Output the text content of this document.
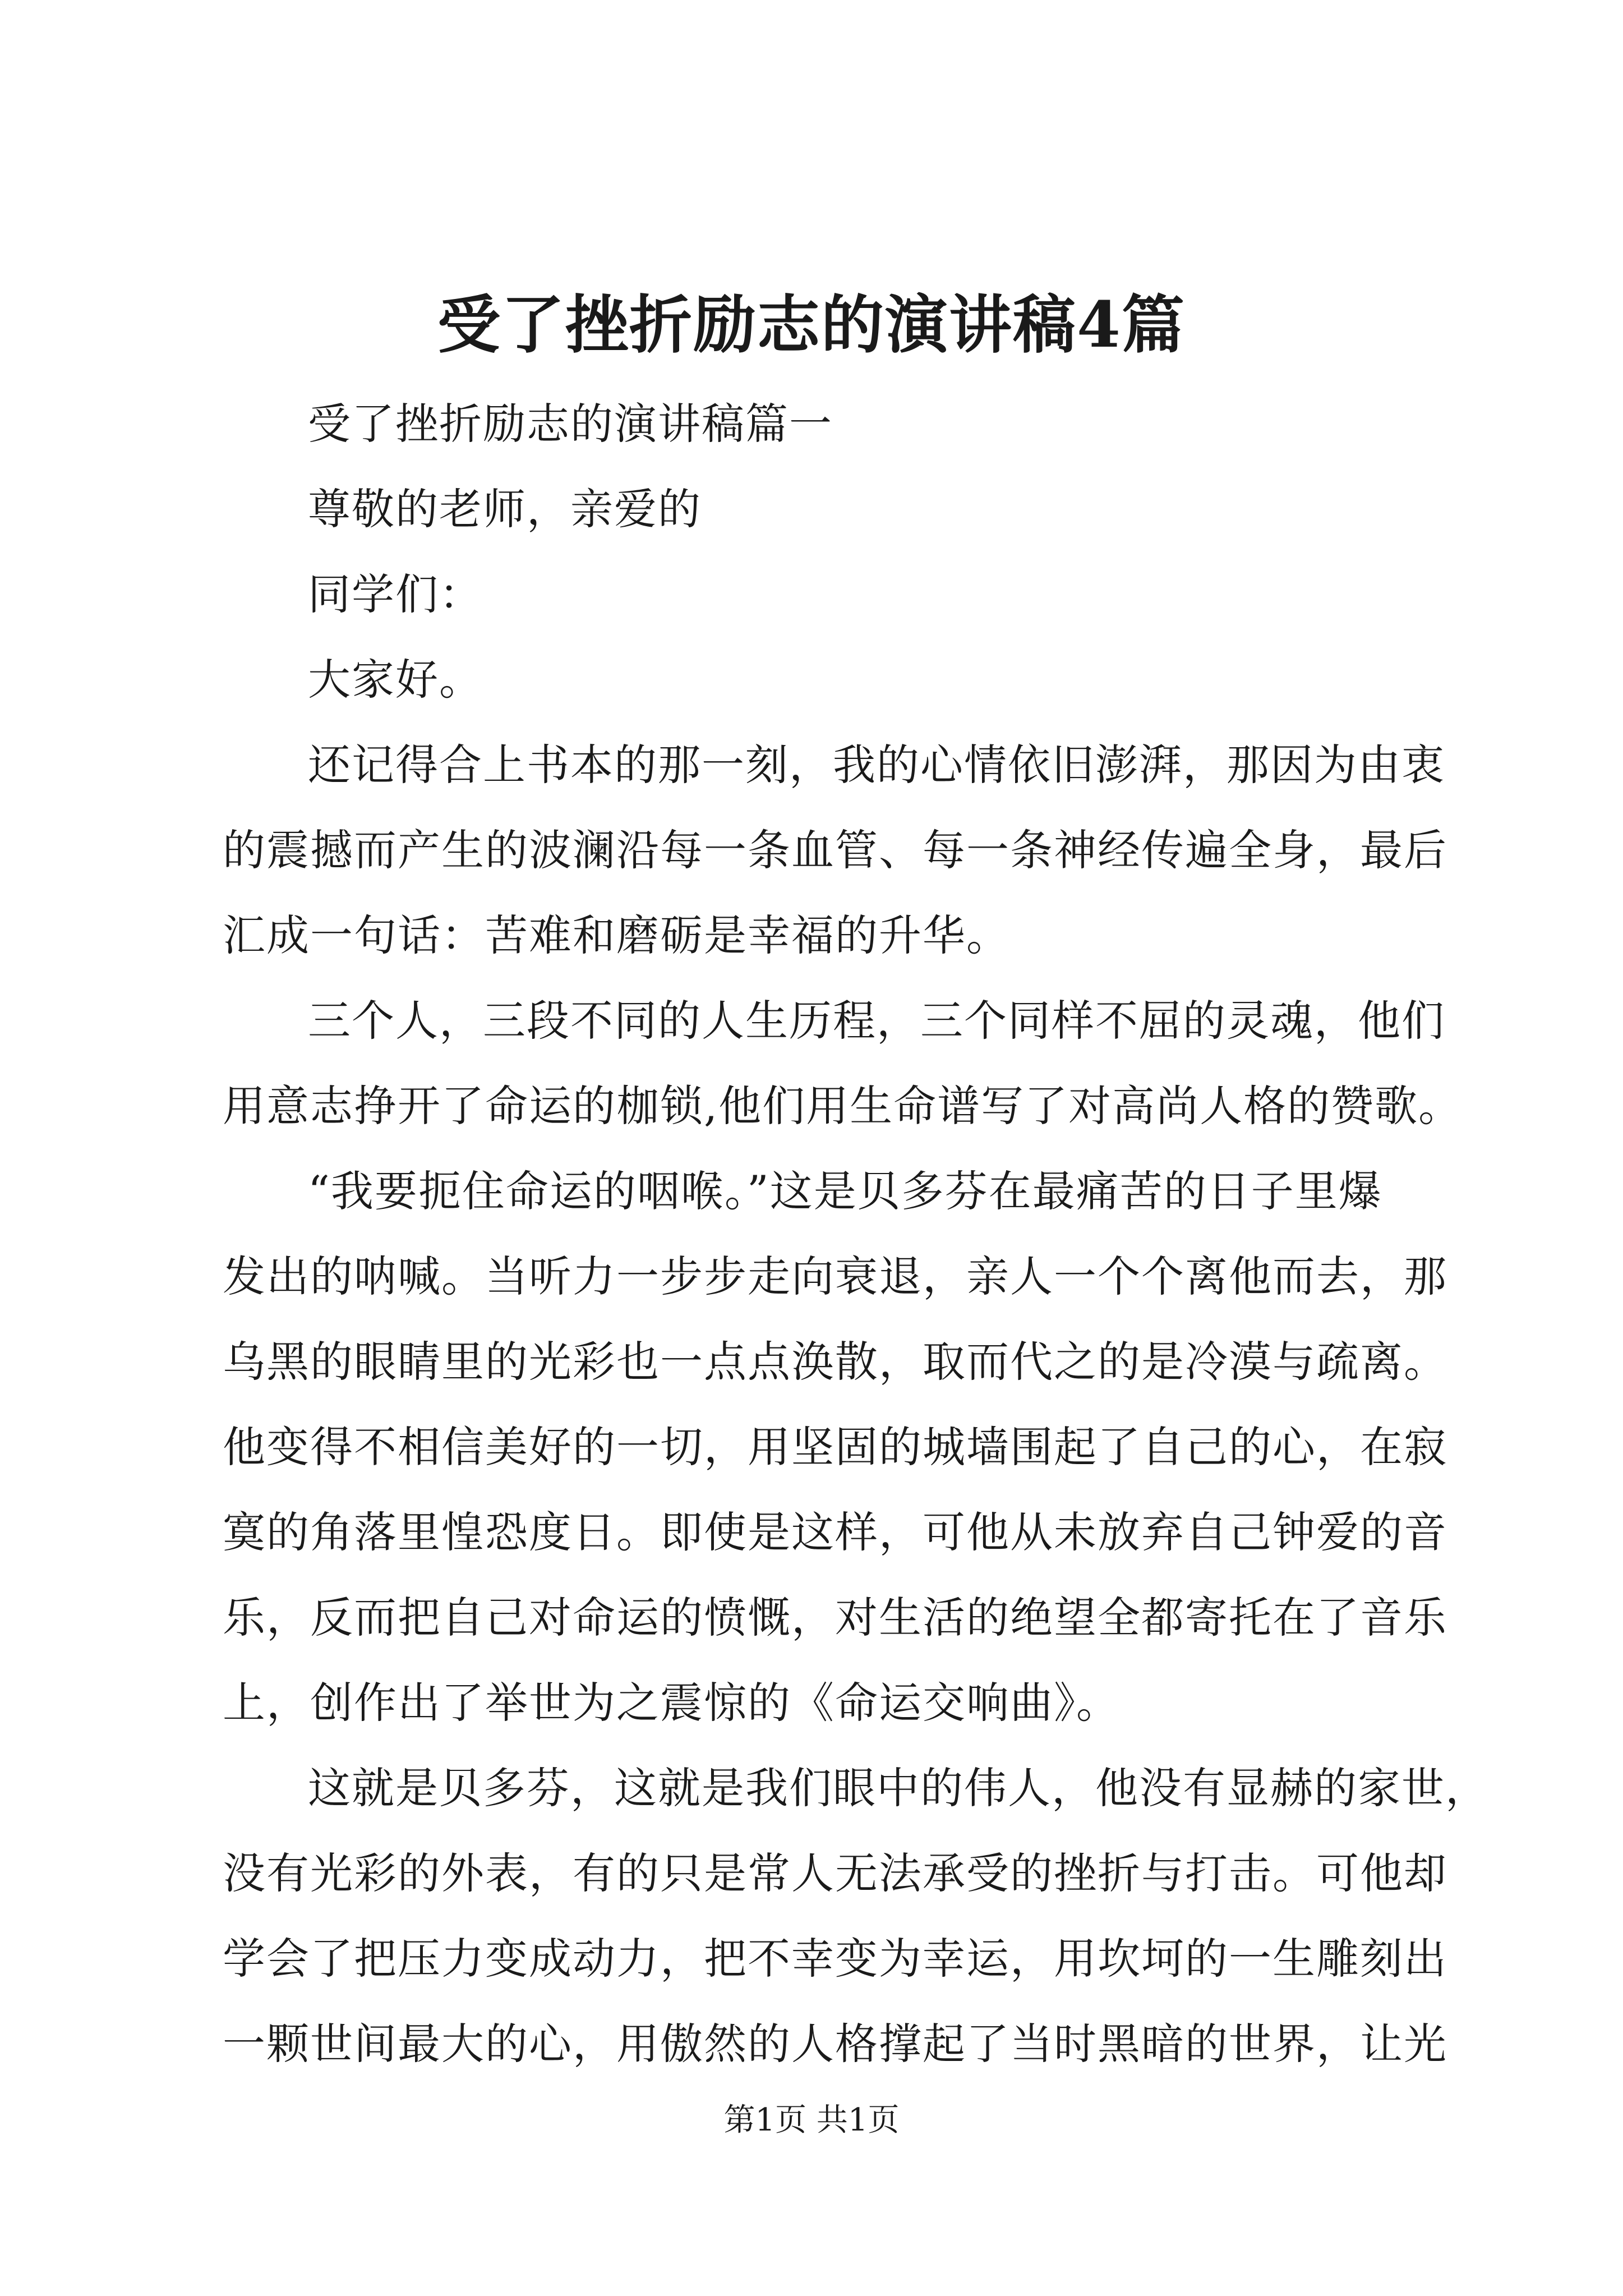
受了挫折励志的演讲稿4篇

受了挫折励志的演讲稿篇一

尊敬的老师，亲爱的

同学们：

大家好。

还记得合上书本的那一刻，我的心情依旧澎湃，那因为由衷

的震撼而产生的波澜沿每一条血管、每一条神经传遍全身，最后

汇成一句话：苦难和磨砺是幸福的升华。

三个人，三段不同的人生历程，三个同样不屈的灵魂，他们

用意志挣开了命运的枷锁,他们用生命谱写了对高尚人格的赞歌。

“我要扼住命运的咽喉。”这是贝多芬在最痛苦的日子里爆

发出的呐喊。当听力一步步走向衰退，亲人一个个离他而去，那

乌黑的眼睛里的光彩也一点点涣散，取而代之的是冷漠与疏离。

他变得不相信美好的一切，用坚固的城墙围起了自己的心，在寂

寞的角落里惶恐度日。即使是这样，可他从未放弃自己钟爱的音

乐，反而把自己对命运的愤慨，对生活的绝望全都寄托在了音乐

上，创作出了举世为之震惊的《命运交响曲》。

这就是贝多芬，这就是我们眼中的伟人，他没有显赫的家世，

没有光彩的外表，有的只是常人无法承受的挫折与打击。可他却

学会了把压力变成动力，把不幸变为幸运，用坎坷的一生雕刻出

一颗世间最大的心，用傲然的人格撑起了当时黑暗的世界，让光

第1页 共1页
